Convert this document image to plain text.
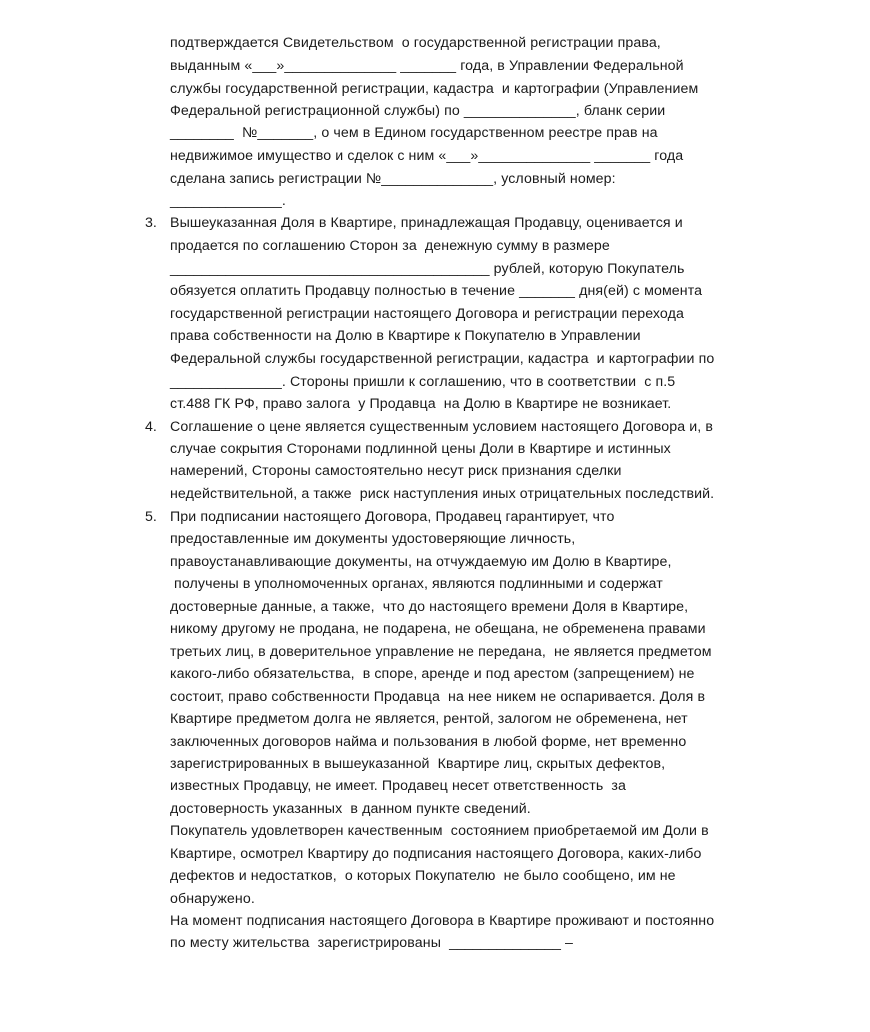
подтверждается Свидетельством  о государственной регистрации права,
выданным «___»______________ _______ года, в Управлении Федеральной
службы государственной регистрации, кадастра  и картографии (Управлением
Федеральной регистрационной службы) по ______________, бланк серии
________  №_______, о чем в Едином государственном реестре прав на
недвижимое имущество и сделок с ним «___»______________ _______ года
сделана запись регистрации №______________, условный номер:
______________.
3. Вышеуказанная Доля в Квартире, принадлежащая Продавцу, оценивается и
продается по соглашению Сторон за  денежную сумму в размере
________________________________________ рублей, которую Покупатель
обязуется оплатить Продавцу полностью в течение _______ дня(ей) с момента
государственной регистрации настоящего Договора и регистрации перехода
права собственности на Долю в Квартире к Покупателю в Управлении
Федеральной службы государственной регистрации, кадастра  и картографии по
______________. Стороны пришли к соглашению, что в соответствии  с п.5
ст.488 ГК РФ, право залога  у Продавца  на Долю в Квартире не возникает.
4. Соглашение о цене является существенным условием настоящего Договора и, в
случае сокрытия Сторонами подлинной цены Доли в Квартире и истинных
намерений, Стороны самостоятельно несут риск признания сделки
недействительной, а также  риск наступления иных отрицательных последствий.
5. При подписании настоящего Договора, Продавец гарантирует, что
предоставленные им документы удостоверяющие личность,
правоустанавливающие документы, на отчуждаемую им Долю в Квартире,
получены в уполномоченных органах, являются подлинными и содержат
достоверные данные, а также,  что до настоящего времени Доля в Квартире,
никому другому не продана, не подарена, не обещана, не обременена правами
третьих лиц, в доверительное управление не передана,  не является предметом
какого-либо обязательства,  в споре, аренде и под арестом (запрещением) не
состоит, право собственности Продавца  на нее никем не оспаривается. Доля в
Квартире предметом долга не является, рентой, залогом не обременена, нет
заключенных договоров найма и пользования в любой форме, нет временно
зарегистрированных в вышеуказанной  Квартире лиц, скрытых дефектов,
известных Продавцу, не имеет. Продавец несет ответственность  за
достоверность указанных  в данном пункте сведений.
Покупатель удовлетворен качественным  состоянием приобретаемой им Доли в
Квартире, осмотрел Квартиру до подписания настоящего Договора, каких-либо
дефектов и недостатков,  о которых Покупателю  не было сообщено, им не
обнаружено.
На момент подписания настоящего Договора в Квартире проживают и постоянно
по месту жительства  зарегистрированы  ______________ –
